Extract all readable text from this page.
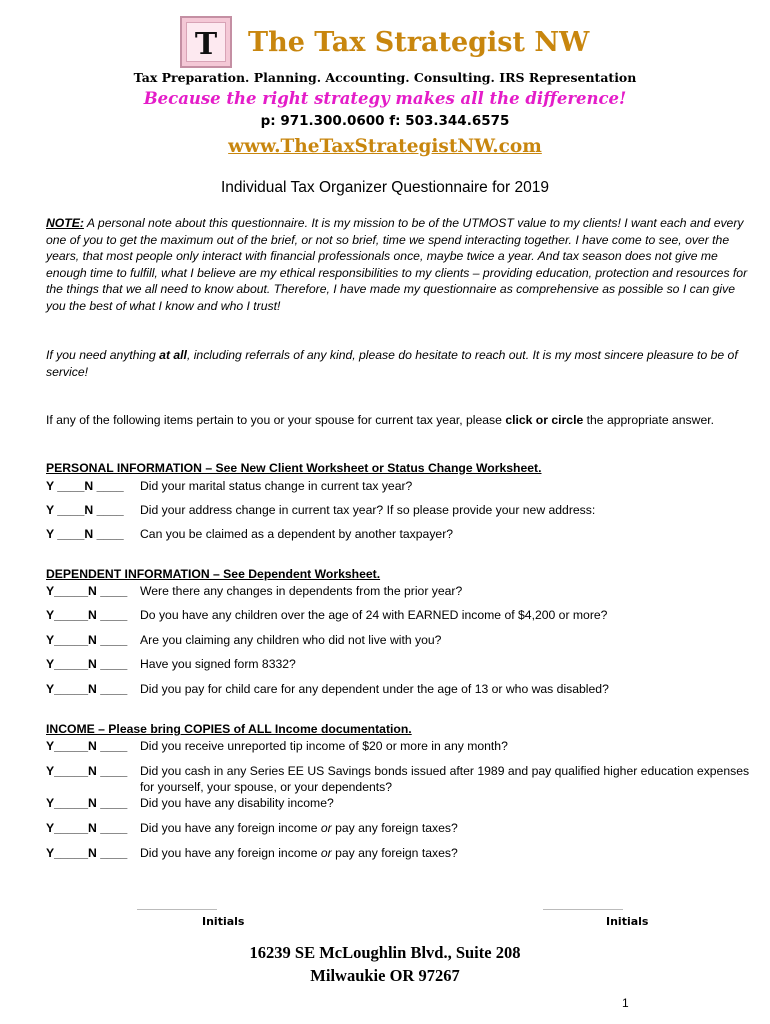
T The Tax Strategist NW
Tax Preparation. Planning. Accounting. Consulting. IRS Representation
Because the right strategy makes all the difference!
p: 971.300.0600 f: 503.344.6575
www.TheTaxStrategistNW.com
Individual Tax Organizer Questionnaire for 2019

NOTE: A personal note about this questionnaire. It is my mission to be of the UTMOST value to my clients! I want each and every one of you to get the maximum out of the brief, or not so brief, time we spend interacting together. I have come to see, over the years, that most people only interact with financial professionals once, maybe twice a year. And tax season does not give me enough time to fulfill, what I believe are my ethical responsibilities to my clients – providing education, protection and resources for the things that we all need to know about. Therefore, I have made my questionnaire as comprehensive as possible so I can give you the best of what I know and who I trust!

If you need anything at all, including referrals of any kind, please do hesitate to reach out. It is my most sincere pleasure to be of service!

If any of the following items pertain to you or your spouse for current tax year, please click or circle the appropriate answer.

PERSONAL INFORMATION – See New Client Worksheet or Status Change Worksheet.
Y ____N ____ Did your marital status change in current tax year?
Y ____N ____ Did your address change in current tax year? If so please provide your new address:
Y ____N ____ Can you be claimed as a dependent by another taxpayer?
DEPENDENT INFORMATION – See Dependent Worksheet.
Y_____N ____ Were there any changes in dependents from the prior year?
Y_____N ____ Do you have any children over the age of 24 with EARNED income of $4,200 or more?
Y_____N ____ Are you claiming any children who did not live with you?
Y_____N ____ Have you signed form 8332?
Y_____N ____ Did you pay for child care for any dependent under the age of 13 or who was disabled?
INCOME – Please bring COPIES of ALL Income documentation.
Y_____N ____ Did you receive unreported tip income of $20 or more in any month?
Y_____N ____ Did you cash in any Series EE US Savings bonds issued after 1989 and pay qualified higher education expenses for yourself, your spouse, or your dependents?
Y_____N ____ Did you have any disability income?
Y_____N ____ Did you have any foreign income or pay any foreign taxes?
Y_____N ____ Did you have any foreign income or pay any foreign taxes?
Initials	Initials
16239 SE McLoughlin Blvd., Suite 208
Milwaukie OR 97267
1
